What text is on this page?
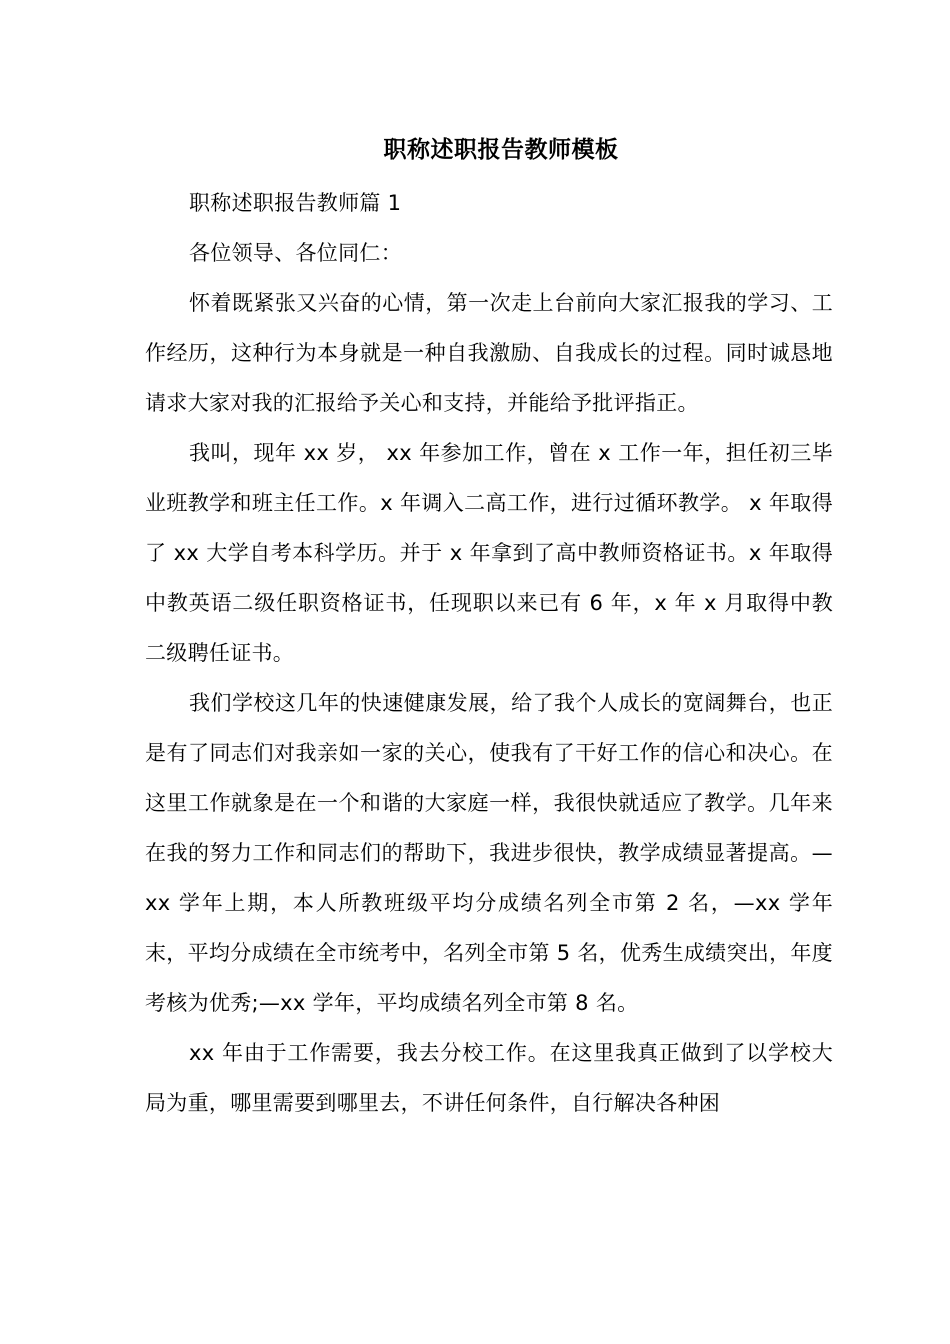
职称述职报告教师模板

职称述职报告教师篇 1

各位领导、各位同仁：

怀着既紧张又兴奋的心情，第一次走上台前向大家汇报我的学习、工作经历，这种行为本身就是一种自我激励、自我成长的过程。同时诚恳地请求大家对我的汇报给予关心和支持，并能给予批评指正。

我叫，现年 xx 岁， xx 年参加工作，曾在 x 工作一年，担任初三毕业班教学和班主任工作。x 年调入二高工作，进行过循环教学。 x 年取得了 xx 大学自考本科学历。并于 x 年拿到了高中教师资格证书。x 年取得中教英语二级任职资格证书，任现职以来已有 6 年，x 年 x 月取得中教二级聘任证书。

我们学校这几年的快速健康发展，给了我个人成长的宽阔舞台，也正是有了同志们对我亲如一家的关心，使我有了干好工作的信心和决心。在这里工作就象是在一个和谐的大家庭一样，我很快就适应了教学。几年来在我的努力工作和同志们的帮助下，我进步很快，教学成绩显著提高。—xx 学年上期，本人所教班级平均分成绩名列全市第 2 名，—xx 学年末，平均分成绩在全市统考中，名列全市第 5 名，优秀生成绩突出，年度考核为优秀;—xx 学年，平均成绩名列全市第 8 名。

xx 年由于工作需要，我去分校工作。在这里我真正做到了以学校大局为重，哪里需要到哪里去，不讲任何条件，自行解决各种困
